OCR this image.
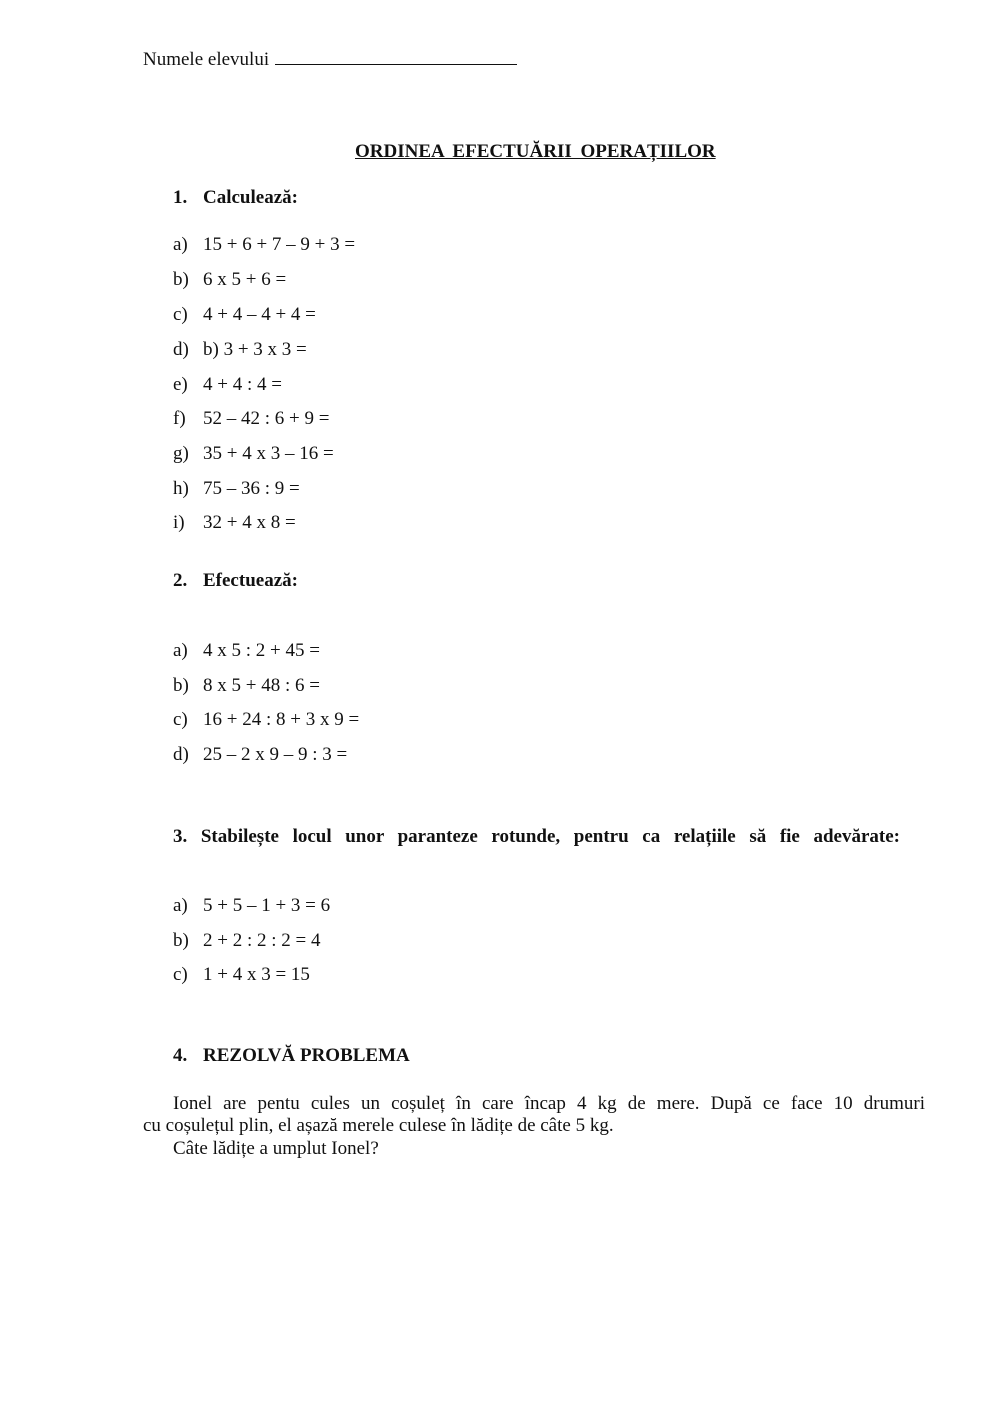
Numele elevului
ORDINEA EFECTUĂRII OPERAȚIILOR
1. Calculează:
a) 15 + 6 + 7 – 9 + 3 =
b) 6 x 5 + 6 =
c) 4 + 4 – 4 + 4 =
d) b) 3 + 3 x 3 =
e) 4 + 4 : 4 =
f) 52 – 42 : 6 + 9 =
g) 35 + 4 x 3 – 16 =
h) 75 – 36 : 9 =
i) 32 + 4 x 8 =
2. Efectuează:
a) 4 x 5 : 2 + 45 =
b) 8 x 5 + 48 : 6 =
c) 16 + 24 : 8 + 3 x 9 =
d) 25 – 2 x 9 – 9 : 3 =
3. Stabilește locul unor paranteze rotunde, pentru ca relațiile să fie adevărate:
a) 5 + 5 – 1 + 3 = 6
b) 2 + 2 : 2 : 2 = 4
c) 1 + 4 x 3 = 15
4. REZOLVĂ PROBLEMA
Ionel are pentu cules un coșuleț în care încap 4 kg de mere. După ce face 10 drumuri
cu coșulețul plin, el așază merele culese în lădițe de câte 5 kg.
Câte lădițe a umplut Ionel?
